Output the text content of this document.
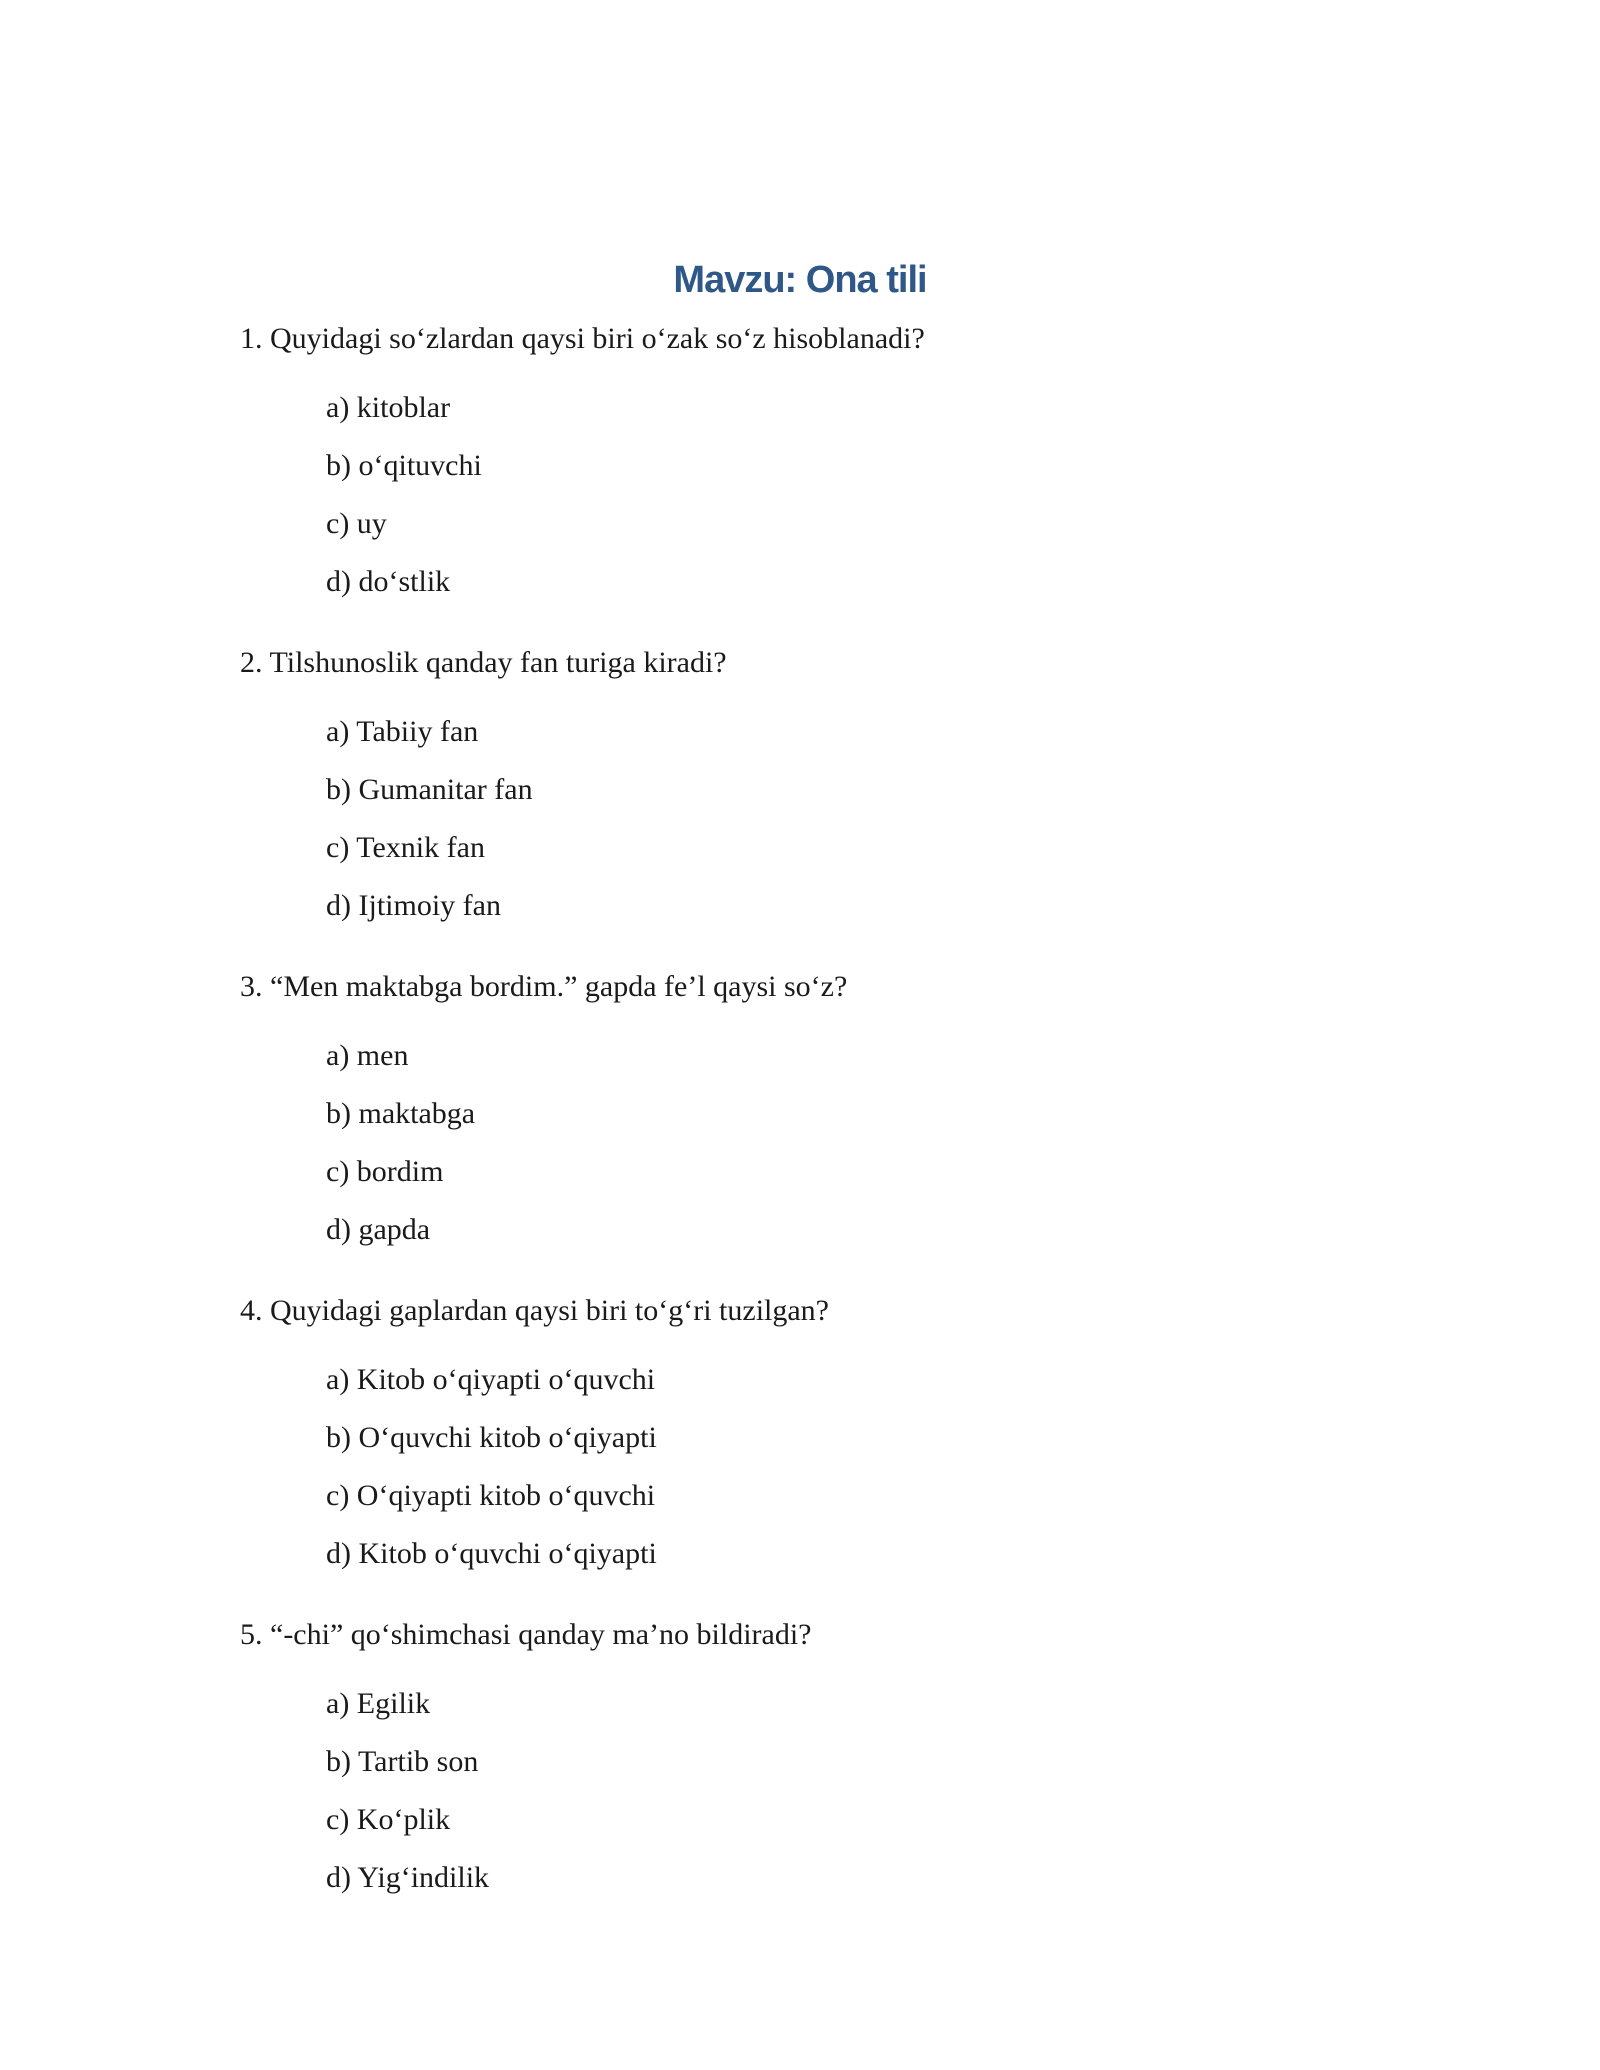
Mavzu: Ona tili

1. Quyidagi soʻzlardan qaysi biri oʻzak soʻz hisoblanadi?

a) kitoblar
b) oʻqituvchi
c) uy
d) doʻstlik

2. Tilshunoslik qanday fan turiga kiradi?

a) Tabiiy fan
b) Gumanitar fan
c) Texnik fan
d) Ijtimoiy fan

3. “Men maktabga bordim.” gapda fe’l qaysi soʻz?

a) men
b) maktabga
c) bordim
d) gapda

4. Quyidagi gaplardan qaysi biri toʻgʻri tuzilgan?

a) Kitob oʻqiyapti oʻquvchi
b) Oʻquvchi kitob oʻqiyapti
c) Oʻqiyapti kitob oʻquvchi
d) Kitob oʻquvchi oʻqiyapti

5. “-chi” qoʻshimchasi qanday ma’no bildiradi?

a) Egilik
b) Tartib son
c) Koʻplik
d) Yigʻindilik
